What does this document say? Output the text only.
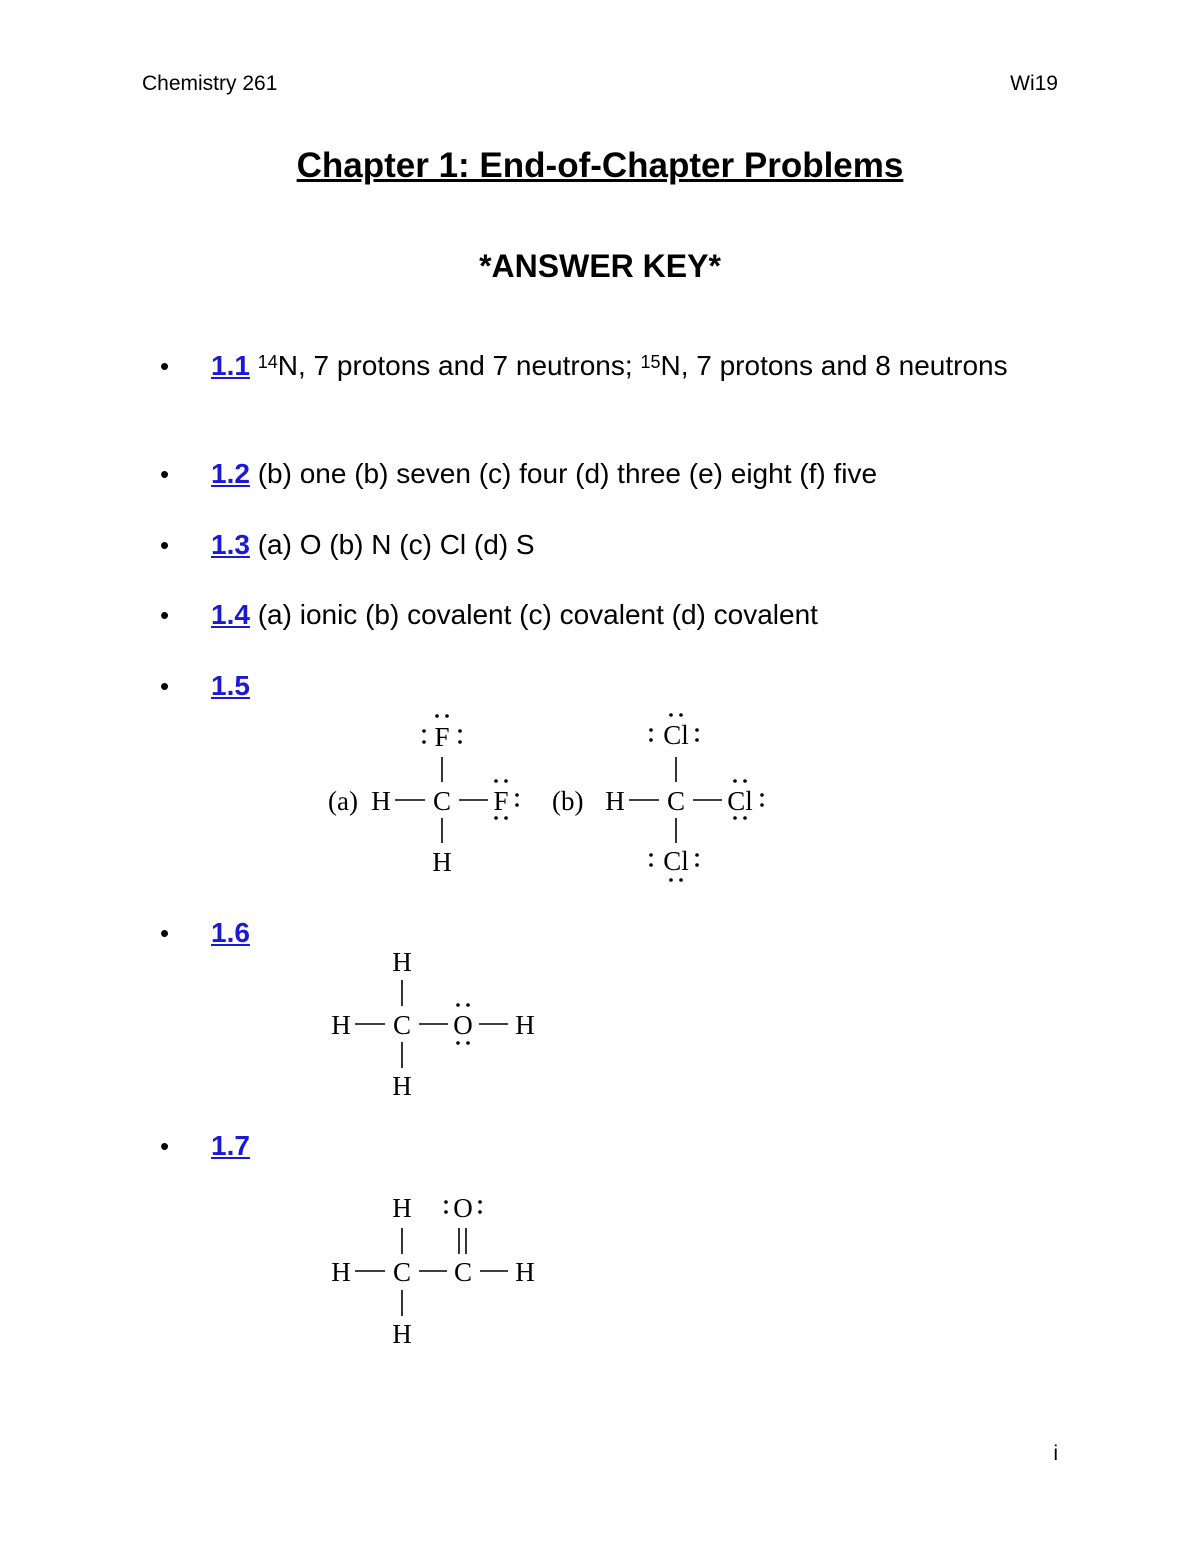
Chemistry 261	Wi19
Chapter 1: End-of-Chapter Problems
*ANSWER KEY*
• 1.1 $^{14}$N, 7 protons and 7 neutrons; $^{15}$N, 7 protons and 8 neutrons
• 1.2 (b) one (b) seven (c) four (d) three (e) eight (f) five
• 1.3 (a) O (b) N (c) Cl (d) S
• 1.4 (a) ionic (b) covalent (c) covalent (d) covalent
• 1.5
(a)
F
H C F
H
(b)
Cl
H C Cl
Cl
H
H C O H
H
H O
H C C H
H
• 1.6
• 1.7
i
